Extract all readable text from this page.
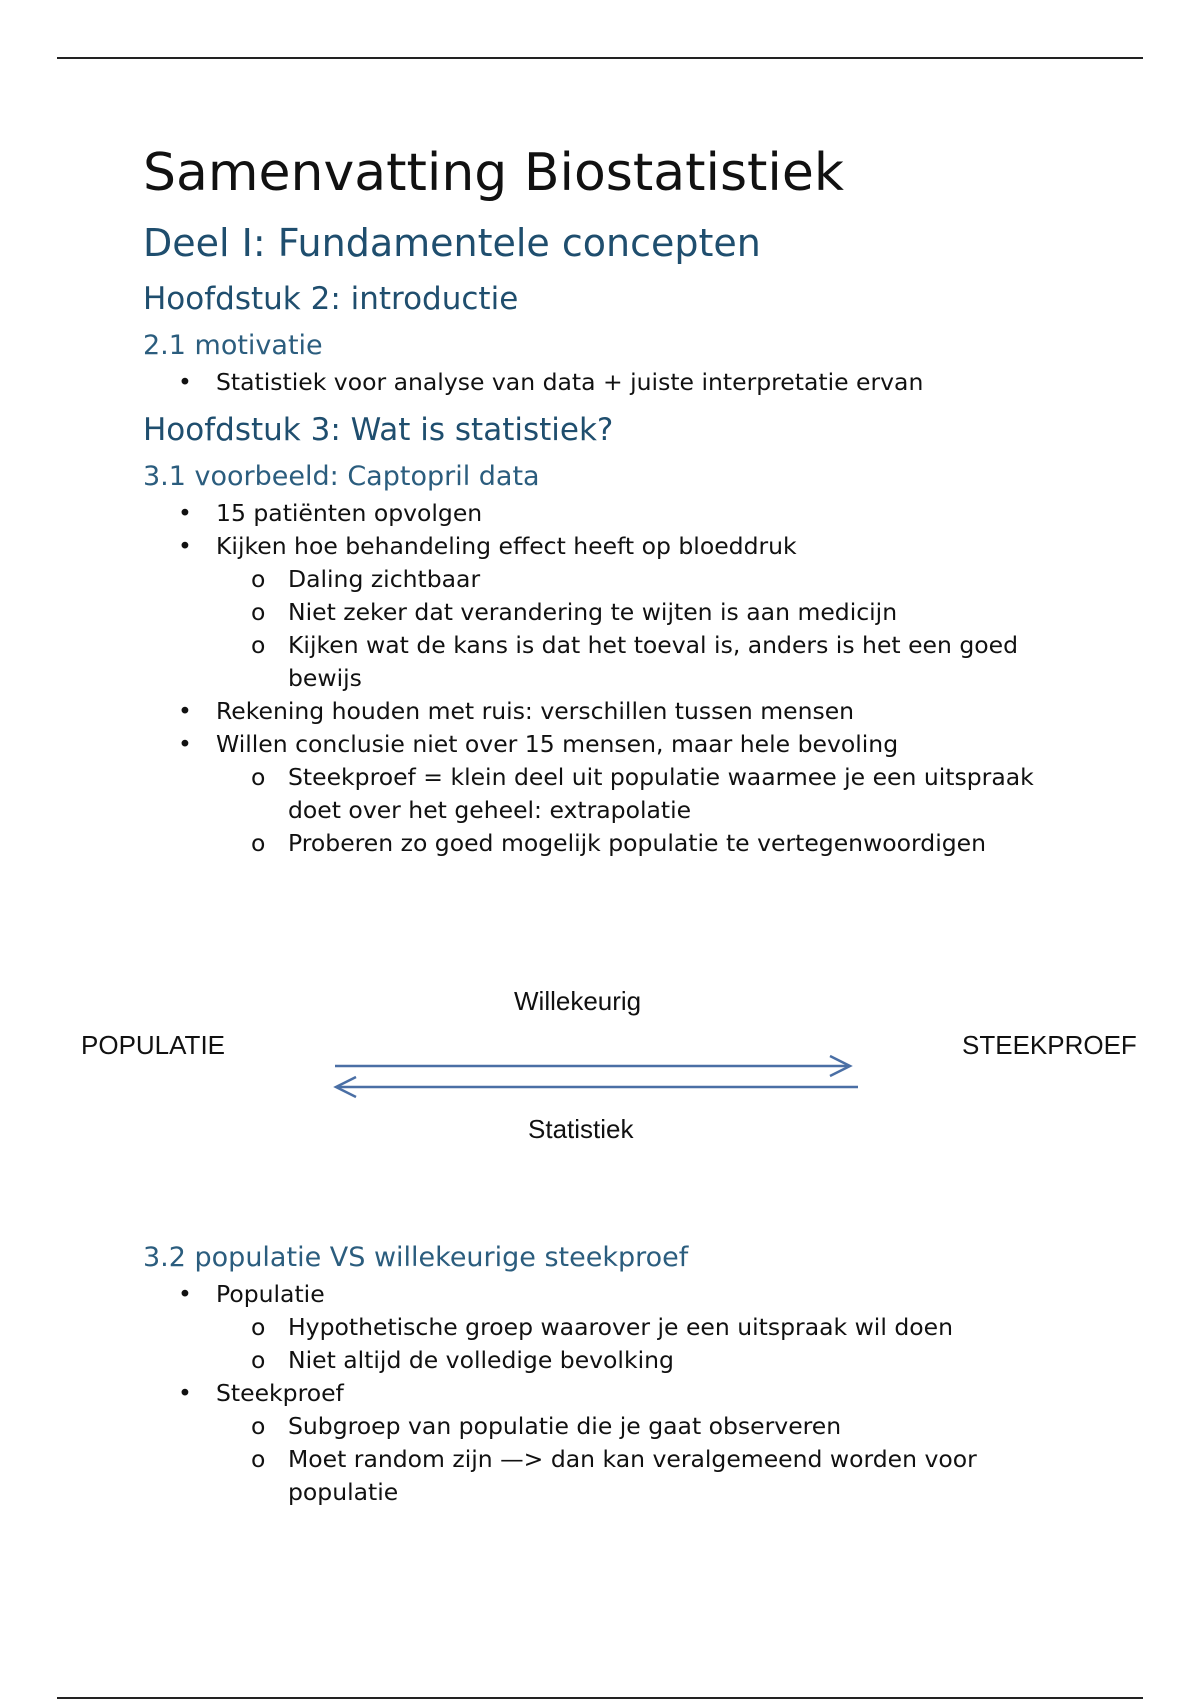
Samenvatting Biostatistiek
Deel I: Fundamentele concepten
Hoofdstuk 2: introductie
2.1 motivatie
• Statistiek voor analyse van data + juiste interpretatie ervan
Hoofdstuk 3: Wat is statistiek?
3.1 voorbeeld: Captopril data
• 15 patiënten opvolgen
• Kijken hoe behandeling effect heeft op bloeddruk
o Daling zichtbaar
o Niet zeker dat verandering te wijten is aan medicijn
o Kijken wat de kans is dat het toeval is, anders is het een goed bewijs
• Rekening houden met ruis: verschillen tussen mensen
• Willen conclusie niet over 15 mensen, maar hele bevoling
o Steekproef = klein deel uit populatie waarmee je een uitspraak doet over het geheel: extrapolatie
o Proberen zo goed mogelijk populatie te vertegenwoordigen
POPULATIE	STEEKPROEF
Willekeurig
Statistiek
3.2 populatie VS willekeurige steekproef
• Populatie
o Hypothetische groep waarover je een uitspraak wil doen
o Niet altijd de volledige bevolking
• Steekproef
o Subgroep van populatie die je gaat observeren
o Moet random zijn —> dan kan veralgemeend worden voor populatie
